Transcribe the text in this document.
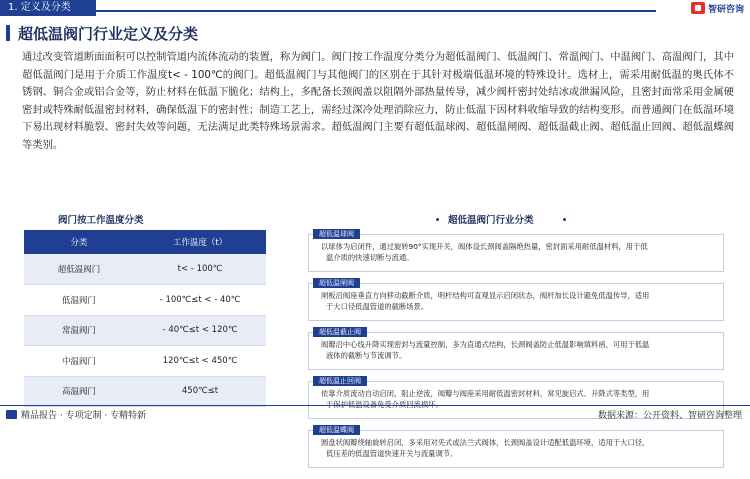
1. 定义及分类	智研咨询
超低温阀门行业定义及分类
通过改变管道断面面积可以控制管道内流体流动的装置，称为阀门。阀门按工作温度分类分为超低温阀门、低温阀门、常温阀门、中温阀门、高温阀门，其中超低温阀门是用于介质工作温度t< - 100℃的阀门。超低温阀门与其他阀门的区别在于其针对极端低温环境的特殊设计。选材上，需采用耐低温的奥氏体不锈钢、铜合金或铝合金等，防止材料在低温下脆化；结构上，多配备长颈阀盖以阻隔外部热量传导，减少阀杆密封处结冰或泄漏风险，且密封面常采用金属硬密封或特殊耐低温密封材料，确保低温下的密封性；制造工艺上，需经过深冷处理消除应力，防止低温下因材料收缩导致的结构变形。而普通阀门在低温环境下易出现材料脆裂、密封失效等问题，无法满足此类特殊场景需求。超低温阀门主要有超低温球阀、超低温闸阀、超低温截止阀、超低温止回阀、超低温蝶阀等类别。
阀门按工作温度分类
分类	工作温度（t）
超低温阀门	t< - 100℃
低温阀门	- 100℃≤t < - 40℃
常温阀门	- 40℃≤t < 120℃
中温阀门	120℃≤t < 450℃
高温阀门	450℃≤t
超低温阀门行业分类
超低温球阀
以球体为启闭件，通过旋转90°实现开关，阀体设长颈阀盖隔绝热量，密封面采用耐低温材料，用于低
温介质的快速切断与流通。
超低温闸阀
闸板沿阀座垂直方向移动截断介质，明杆结构可直观显示启闭状态，阀杆加长设计避免低温传导，适用
于大口径低温管道的截断场景。
超低温截止阀
阀瓣沿中心线升降实现密封与流量控制，多为直通式结构，长颈阀盖防止低温影响填料函，可用于低温
液体的截断与节流调节。
超低温止回阀
依靠介质流动自动启闭，阻止逆流，阀瓣与阀座采用耐低温密封材料，常见旋启式、升降式等类型，用
超低温蝶阀
圆盘状阀瓣绕轴旋转启闭，多采用对夹式或法兰式阀体，长颈阀盖设计适配低温环境，适用于大口径、
低压差的低温管道快速开关与流量调节。
精品报告 · 专项定制 · 专精特新	数据来源：公开资料、智研咨询整理
